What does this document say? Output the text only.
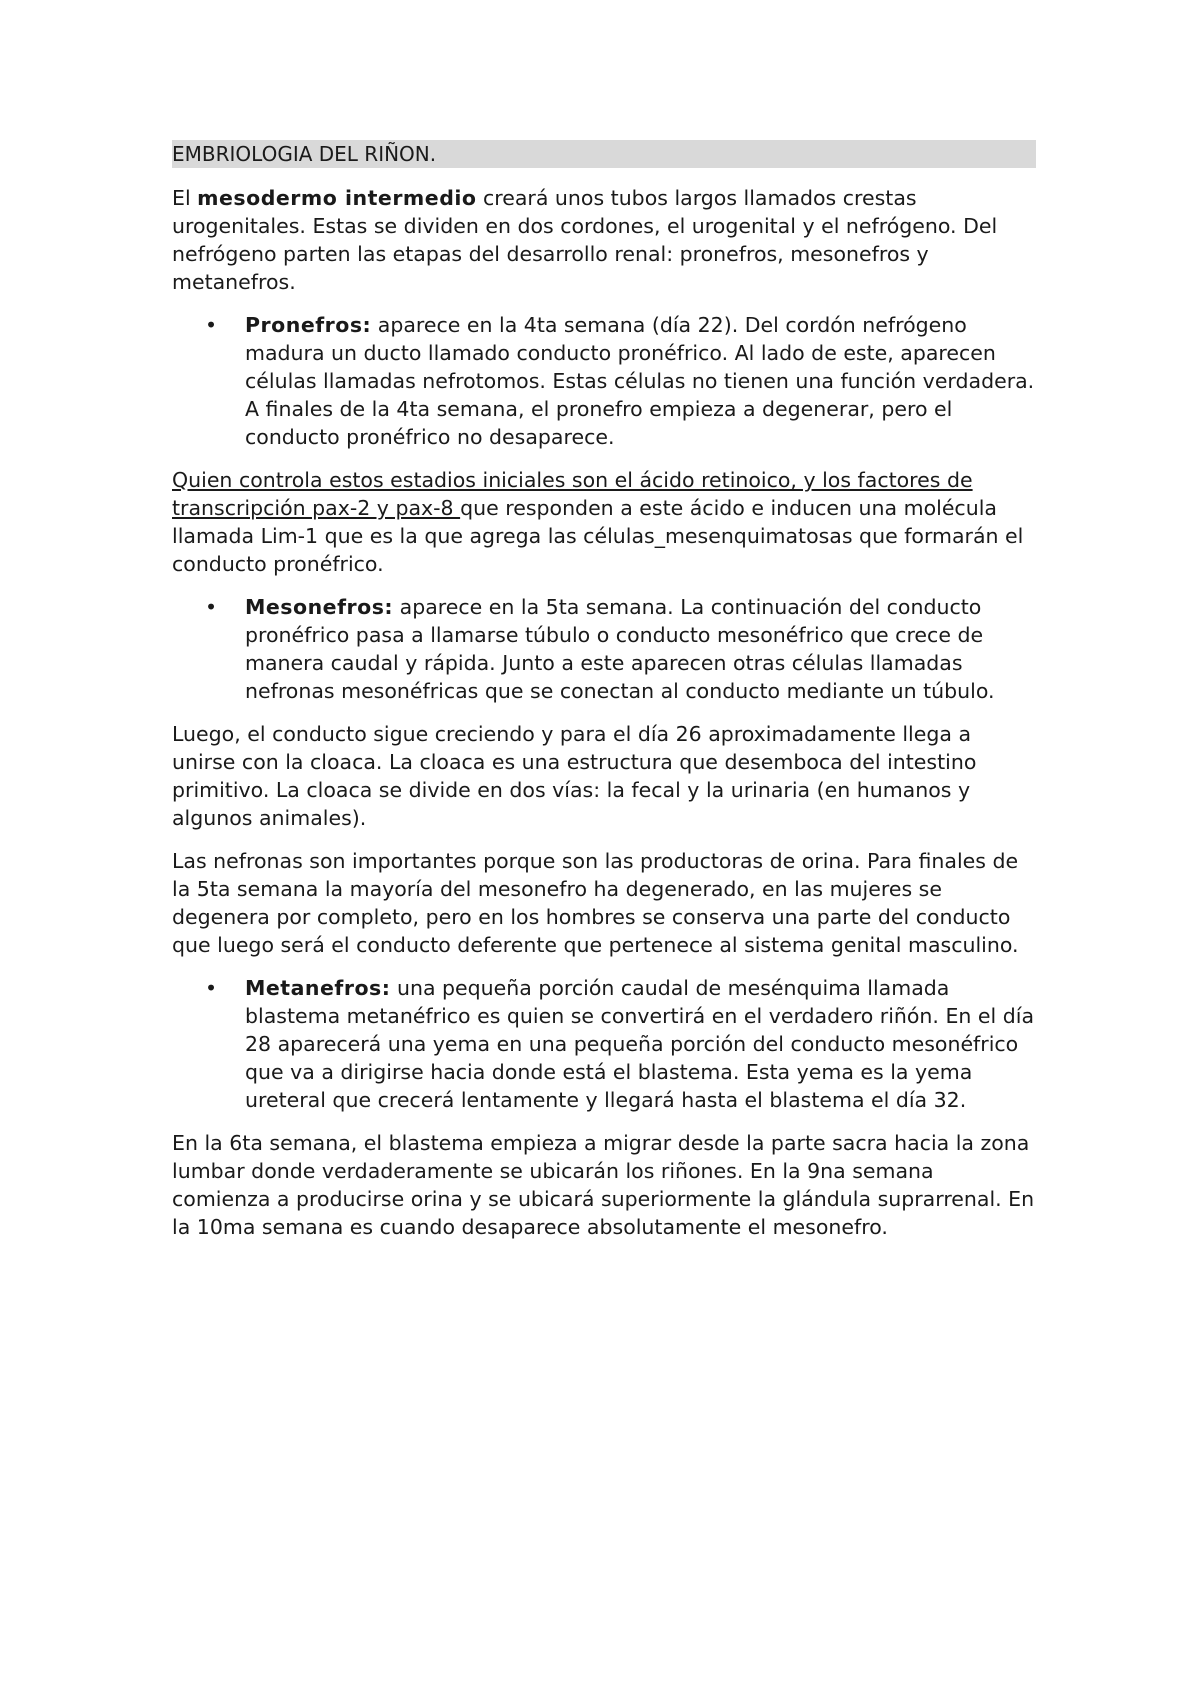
EMBRIOLOGIA DEL RIÑON.

El mesodermo intermedio creará unos tubos largos llamados crestas urogenitales. Estas se dividen en dos cordones, el urogenital y el nefrógeno. Del nefrógeno parten las etapas del desarrollo renal: pronefros, mesonefros y metanefros.

• Pronefros: aparece en la 4ta semana (día 22). Del cordón nefrógeno madura un ducto llamado conducto pronéfrico. Al lado de este, aparecen células llamadas nefrotomos. Estas células no tienen una función verdadera. A finales de la 4ta semana, el pronefro empieza a degenerar, pero el conducto pronéfrico no desaparece.

Quien controla estos estadios iniciales son el ácido retinoico, y los factores de transcripción pax-2 y pax-8 que responden a este ácido e inducen una molécula llamada Lim-1 que es la que agrega las células_mesenquimatosas que formarán el conducto pronéfrico.

• Mesonefros: aparece en la 5ta semana. La continuación del conducto pronéfrico pasa a llamarse túbulo o conducto mesonéfrico que crece de manera caudal y rápida. Junto a este aparecen otras células llamadas nefronas mesonéfricas que se conectan al conducto mediante un túbulo.

Luego, el conducto sigue creciendo y para el día 26 aproximadamente llega a unirse con la cloaca. La cloaca es una estructura que desemboca del intestino primitivo. La cloaca se divide en dos vías: la fecal y la urinaria (en humanos y algunos animales).

Las nefronas son importantes porque son las productoras de orina. Para finales de la 5ta semana la mayoría del mesonefro ha degenerado, en las mujeres se degenera por completo, pero en los hombres se conserva una parte del conducto que luego será el conducto deferente que pertenece al sistema genital masculino.

• Metanefros: una pequeña porción caudal de mesénquima llamada blastema metanéfrico es quien se convertirá en el verdadero riñón. En el día 28 aparecerá una yema en una pequeña porción del conducto mesonéfrico que va a dirigirse hacia donde está el blastema. Esta yema es la yema ureteral que crecerá lentamente y llegará hasta el blastema el día 32.

En la 6ta semana, el blastema empieza a migrar desde la parte sacra hacia la zona lumbar donde verdaderamente se ubicarán los riñones. En la 9na semana comienza a producirse orina y se ubicará superiormente la glándula suprarrenal. En la 10ma semana es cuando desaparece absolutamente el mesonefro.
